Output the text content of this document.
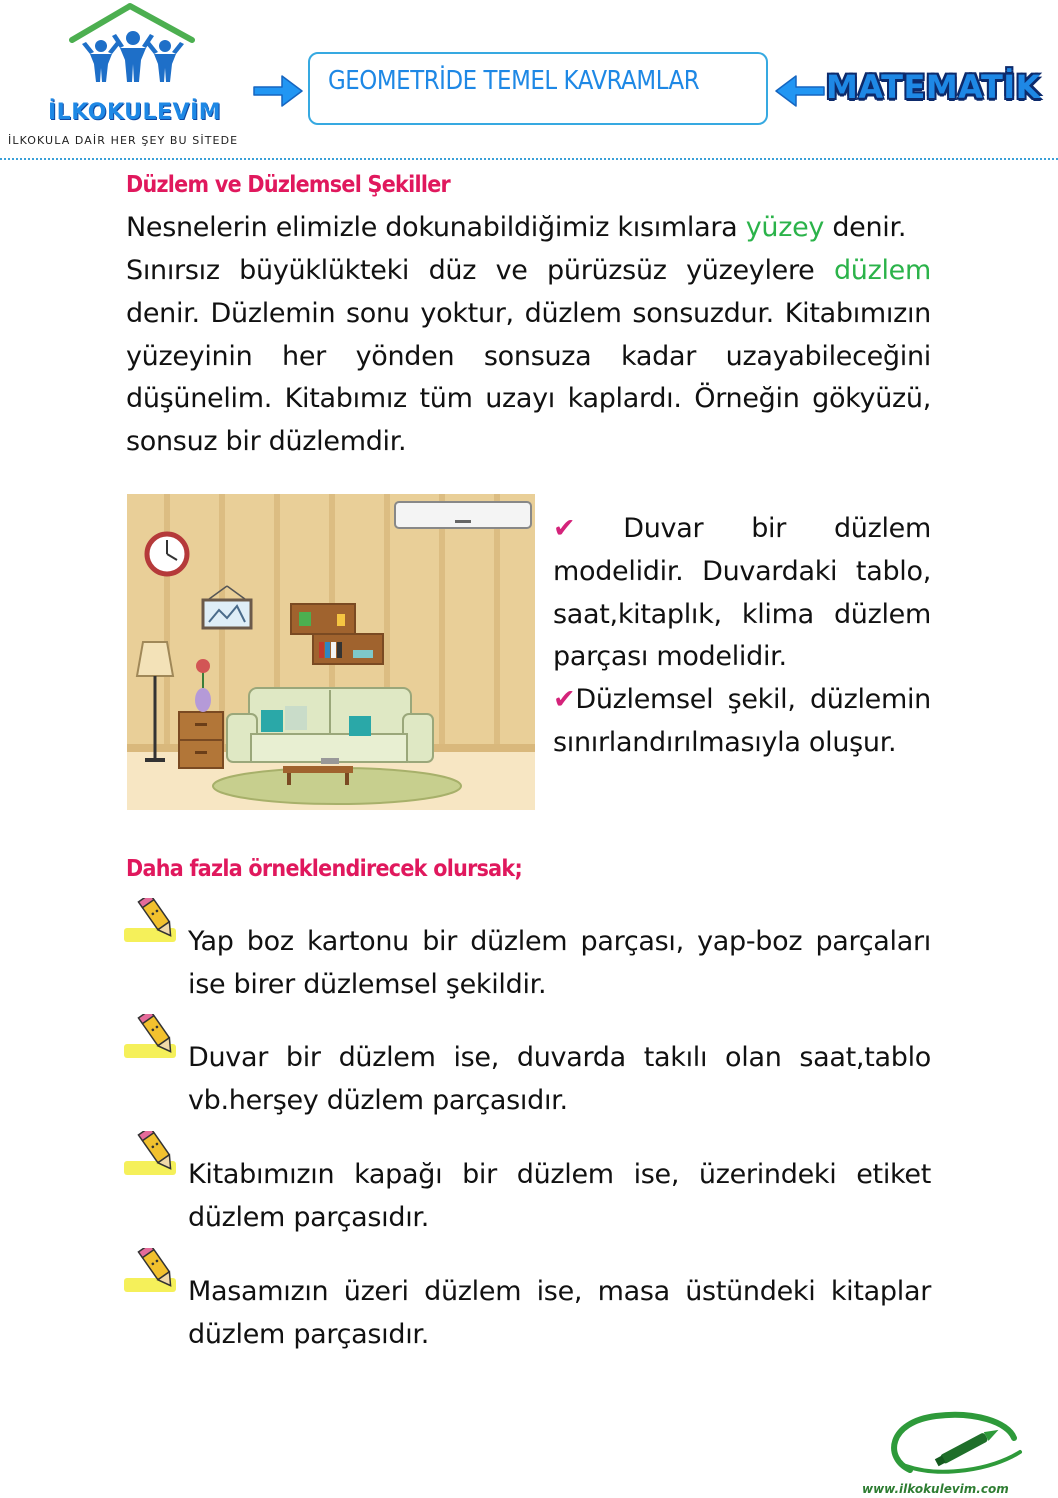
İLKOKULEVİM
İLKOKULA DAİR HER ŞEY BU SİTEDE
GEOMETRİDE TEMEL KAVRAMLAR	MATEMATİK
Düzlem ve Düzlemsel Şekiller
Nesnelerin elimizle dokunabildiğimiz kısımlara yüzey denir.
Sınırsız büyüklükteki düz ve pürüzsüz yüzeylere düzlem denir. Düzlemin sonu yoktur, düzlem sonsuzdur. Kitabımızın yüzeyinin her yönden sonsuza kadar uzayabileceğini düşünelim. Kitabımız tüm uzayı kaplardı. Örneğin gökyüzü, sonsuz bir düzlemdir.
✔ Duvar bir düzlem modelidir. Duvardaki tablo, saat,kitaplık, klima düzlem parçası modelidir.
✔Düzlemsel şekil, düzlemin sınırlandırılmasıyla oluşur.
Daha fazla örneklendirecek olursak;
Yap boz kartonu bir düzlem parçası, yap-boz parçaları ise birer düzlemsel şekildir.
Duvar bir düzlem ise, duvarda takılı olan saat,tablo vb.herşey düzlem parçasıdır.
Kitabımızın kapağı bir düzlem ise, üzerindeki etiket düzlem parçasıdır.
Masamızın üzeri düzlem ise, masa üstündeki kitaplar düzlem parçasıdır.
www.ilkokulevim.com
